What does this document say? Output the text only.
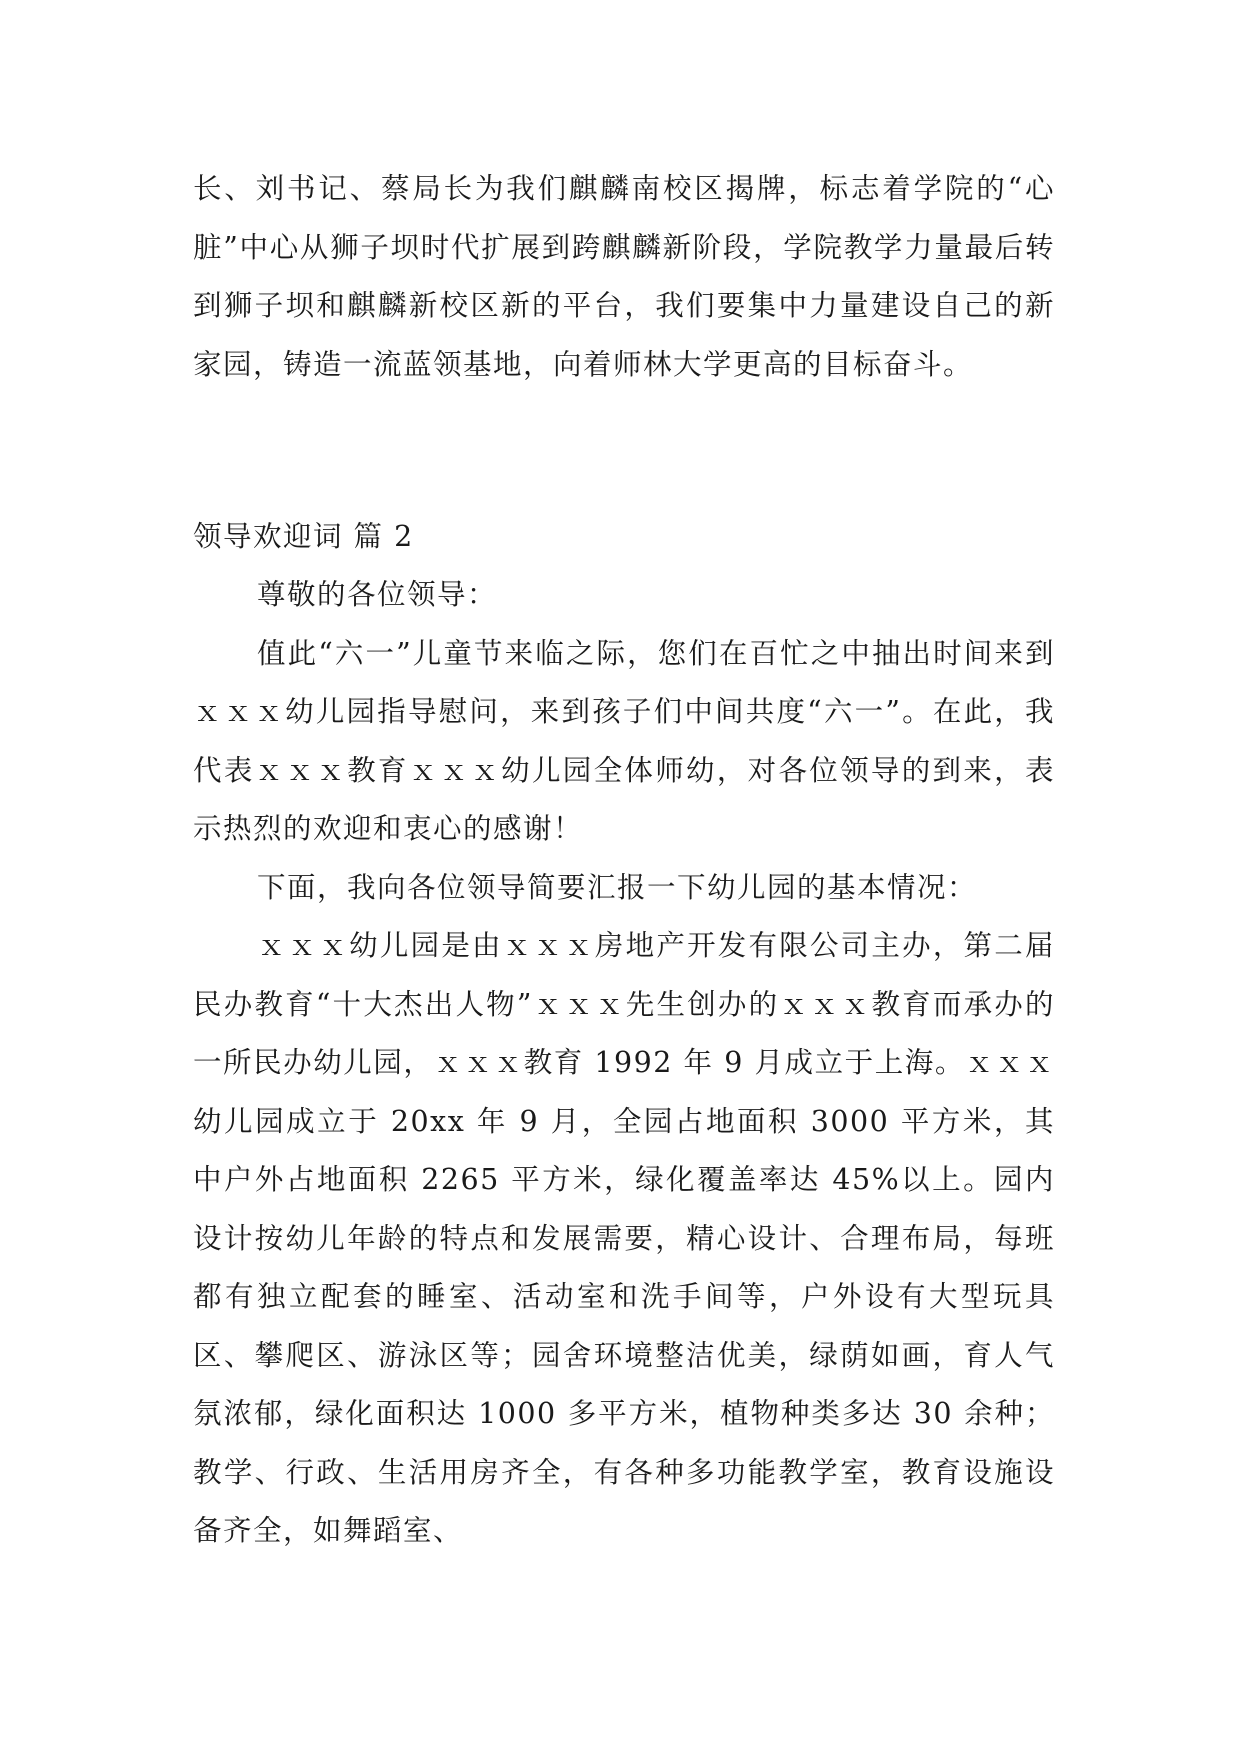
长、刘书记、蔡局长为我们麒麟南校区揭牌，标志着学院的“心脏”中心从狮子坝时代扩展到跨麒麟新阶段，学院教学力量最后转到狮子坝和麒麟新校区新的平台，我们要集中力量建设自己的新家园，铸造一流蓝领基地，向着师林大学更高的目标奋斗。

领导欢迎词 篇 2

尊敬的各位领导：

值此“六一”儿童节来临之际，您们在百忙之中抽出时间来到ｘｘｘ幼儿园指导慰问，来到孩子们中间共度“六一”。在此，我代表ｘｘｘ教育ｘｘｘ幼儿园全体师幼，对各位领导的到来，表示热烈的欢迎和衷心的感谢！

下面，我向各位领导简要汇报一下幼儿园的基本情况：

ｘｘｘ幼儿园是由ｘｘｘ房地产开发有限公司主办，第二届民办教育“十大杰出人物”ｘｘｘ先生创办的ｘｘｘ教育而承办的一所民办幼儿园，ｘｘｘ教育 1992 年 9 月成立于上海。ｘｘｘ幼儿园成立于 20xx 年 9 月，全园占地面积 3000 平方米，其中户外占地面积 2265 平方米，绿化覆盖率达 45%以上。园内设计按幼儿年龄的特点和发展需要，精心设计、合理布局，每班都有独立配套的睡室、活动室和洗手间等，户外设有大型玩具区、攀爬区、游泳区等；园舍环境整洁优美，绿荫如画，育人气氛浓郁，绿化面积达 1000 多平方米，植物种类多达 30 余种；教学、行政、生活用房齐全，有各种多功能教学室，教育设施设备齐全，如舞蹈室、
